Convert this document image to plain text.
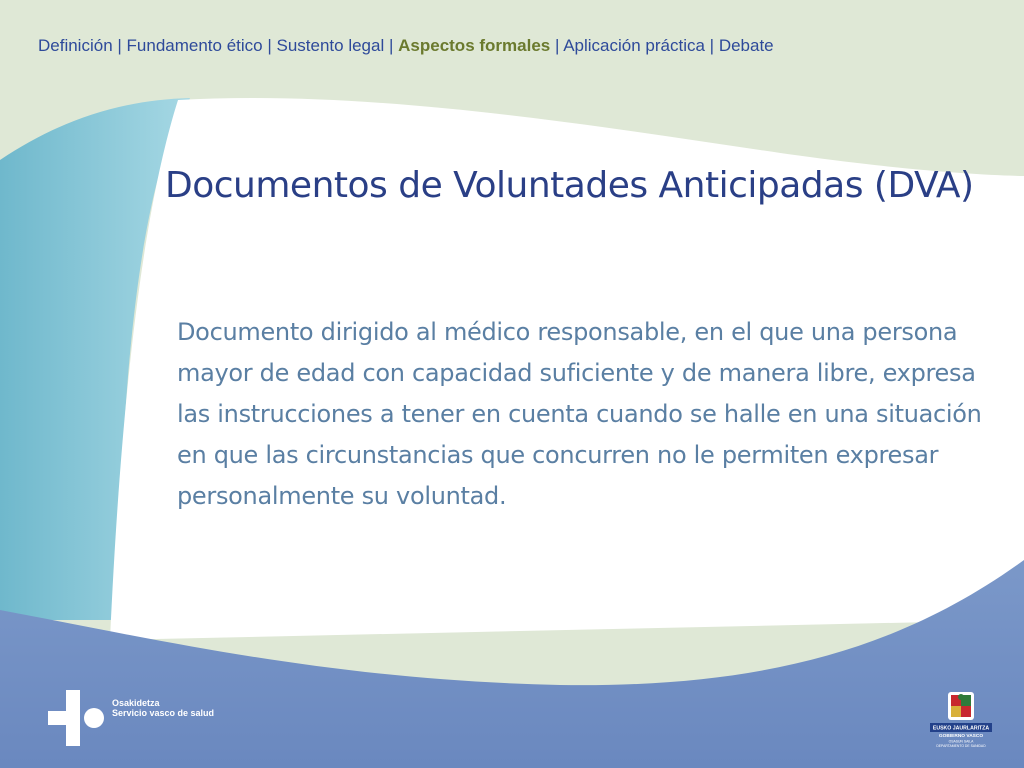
Definición | Fundamento ético | Sustento legal | Aspectos formales | Aplicación práctica | Debate
Documentos de Voluntades Anticipadas (DVA)

Documento dirigido al médico responsable, en el que una persona mayor de edad con capacidad suficiente y de manera libre, expresa las instrucciones a tener en cuenta cuando se halle en una situación en que las circunstancias que concurren no le permiten expresar personalmente su voluntad.

Osakidetza
Servicio vasco de salud
EUSKO JAURLARITZA
GOBIERNO VASCO
OSASUN SAILA
DEPARTAMENTO DE SANIDAD
